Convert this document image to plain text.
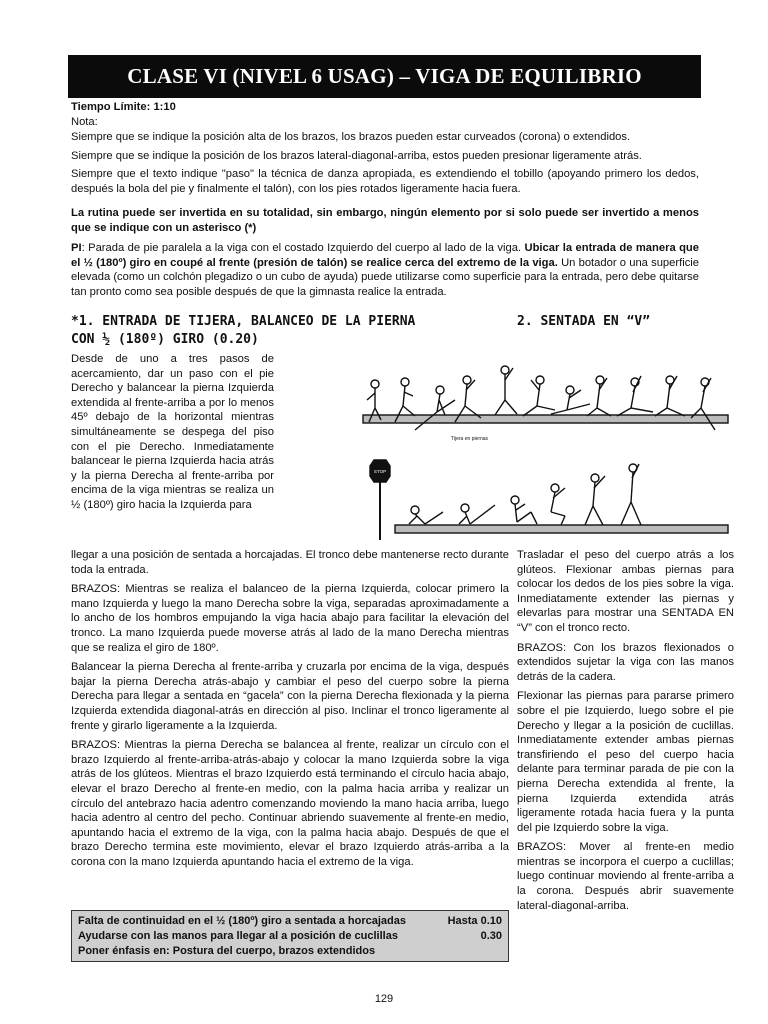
CLASE VI (NIVEL 6 USAG) – VIGA DE EQUILIBRIO

Tiempo Límite: 1:10

Nota:

Siempre que se indique la posición alta de los brazos, los brazos pueden estar curveados (corona) o extendidos.

Siempre que se indique la posición de los brazos lateral-diagonal-arriba, estos pueden presionar ligeramente atrás.

Siempre que el texto indique "paso" la técnica de danza apropiada, es extendiendo el tobillo (apoyando primero los dedos, después la bola del pie y finalmente el talón), con los pies rotados ligeramente hacia fuera.

La rutina puede ser invertida en su totalidad, sin embargo, ningún elemento por si solo puede ser invertido a menos que se indique con un asterisco (*)

PI: Parada de pie paralela a la viga con el costado Izquierdo del cuerpo al lado de la viga. Ubicar la entrada de manera que el ½ (180º) giro en coupé al frente (presión de talón) se realice cerca del extremo de la viga. Un botador o una superficie elevada (como un colchón plegadizo o un cubo de ayuda) puede utilizarse como superficie para la entrada, pero debe quitarse tan pronto como sea posible después de que la gimnasta realice la entrada.

*1. ENTRADA DE TIJERA, BALANCEO DE LA PIERNA CON ½ (180º) GIRO (0.20)
2. SENTADA EN “V”

Desde de uno a tres pasos de acercamiento, dar un paso con el pie Derecho y balancear la pierna Izquierda extendida al frente-arriba a por lo menos 45º debajo de la horizontal mientras simultáneamente se despega del piso con el pie Derecho. Inmediatamente balancear le pierna Izquierda hacia atrás y la pierna Derecha al frente-arriba por encima de la viga mientras se realiza un ½ (180º) giro hacia la Izquierda para

llegar a una posición de sentada a horcajadas. El tronco debe mantenerse recto durante toda la entrada.

BRAZOS: Mientras se realiza el balanceo de la pierna Izquierda, colocar primero la mano Izquierda y luego la mano Derecha sobre la viga, separadas aproximadamente a lo ancho de los hombros empujando la viga hacia abajo para facilitar la elevación del tronco. La mano Izquierda puede moverse atrás al lado de la mano Derecha mientras que se realiza el giro de 180º.

Balancear la pierna Derecha al frente-arriba y cruzarla por encima de la viga, después bajar la pierna Derecha atrás-abajo y cambiar el peso del cuerpo sobre la pierna Derecha para llegar a sentada en “gacela” con la pierna Derecha flexionada y la pierna Izquierda extendida diagonal-atrás en dirección al piso. Inclinar el tronco ligeramente al frente y girarlo ligeramente a la Izquierda.

BRAZOS: Mientras la pierna Derecha se balancea al frente, realizar un círculo con el brazo Izquierdo al frente-arriba-atrás-abajo y colocar la mano Izquierda sobre la viga atrás de los glúteos. Mientras el brazo Izquierdo está terminando el círculo hacia abajo, elevar el brazo Derecho al frente-en medio, con la palma hacia arriba y realizar un círculo del antebrazo hacia adentro comenzando moviendo la mano hacia arriba, luego hacia adentro al centro del pecho. Continuar abriendo suavemente al frente-en medio, apuntando hacia el extremo de la viga, con la palma hacia abajo. Después de que el brazo Derecho termina este movimiento, elevar el brazo Izquierdo atrás-arriba a la corona con la mano Izquierda apuntando hacia el extremo de la viga.

Trasladar el peso del cuerpo atrás a los glúteos. Flexionar ambas piernas para colocar los dedos de los pies sobre la viga. Inmediatamente extender las piernas y elevarlas para mostrar una SENTADA EN “V” con el tronco recto.

BRAZOS: Con los brazos flexionados o extendidos sujetar la viga con las manos detrás de la cadera.

Flexionar las piernas para pararse primero sobre el pie Izquierdo, luego sobre el pie Derecho y llegar a la posición de cuclillas. Inmediatamente extender ambas piernas transfiriendo el peso del cuerpo hacia delante para terminar parada de pie con la pierna Derecha extendida al frente, la pierna Izquierda extendida atrás ligeramente rotada hacia fuera y la punta del pie Izquierdo sobre la viga.

BRAZOS: Mover al frente-en medio mientras se incorpora el cuerpo a cuclillas; luego continuar moviendo al frente-arriba a la corona. Después abrir suavemente lateral-diagonal-arriba.

Tijera en piernas
STOP
Falta de continuidad en el ½ (180º) giro a sentada a horcajadas	Hasta 0.10
Ayudarse con las manos para llegar al a posición de cuclillas	0.30
Poner énfasis en: Postura del cuerpo, brazos extendidos
129
